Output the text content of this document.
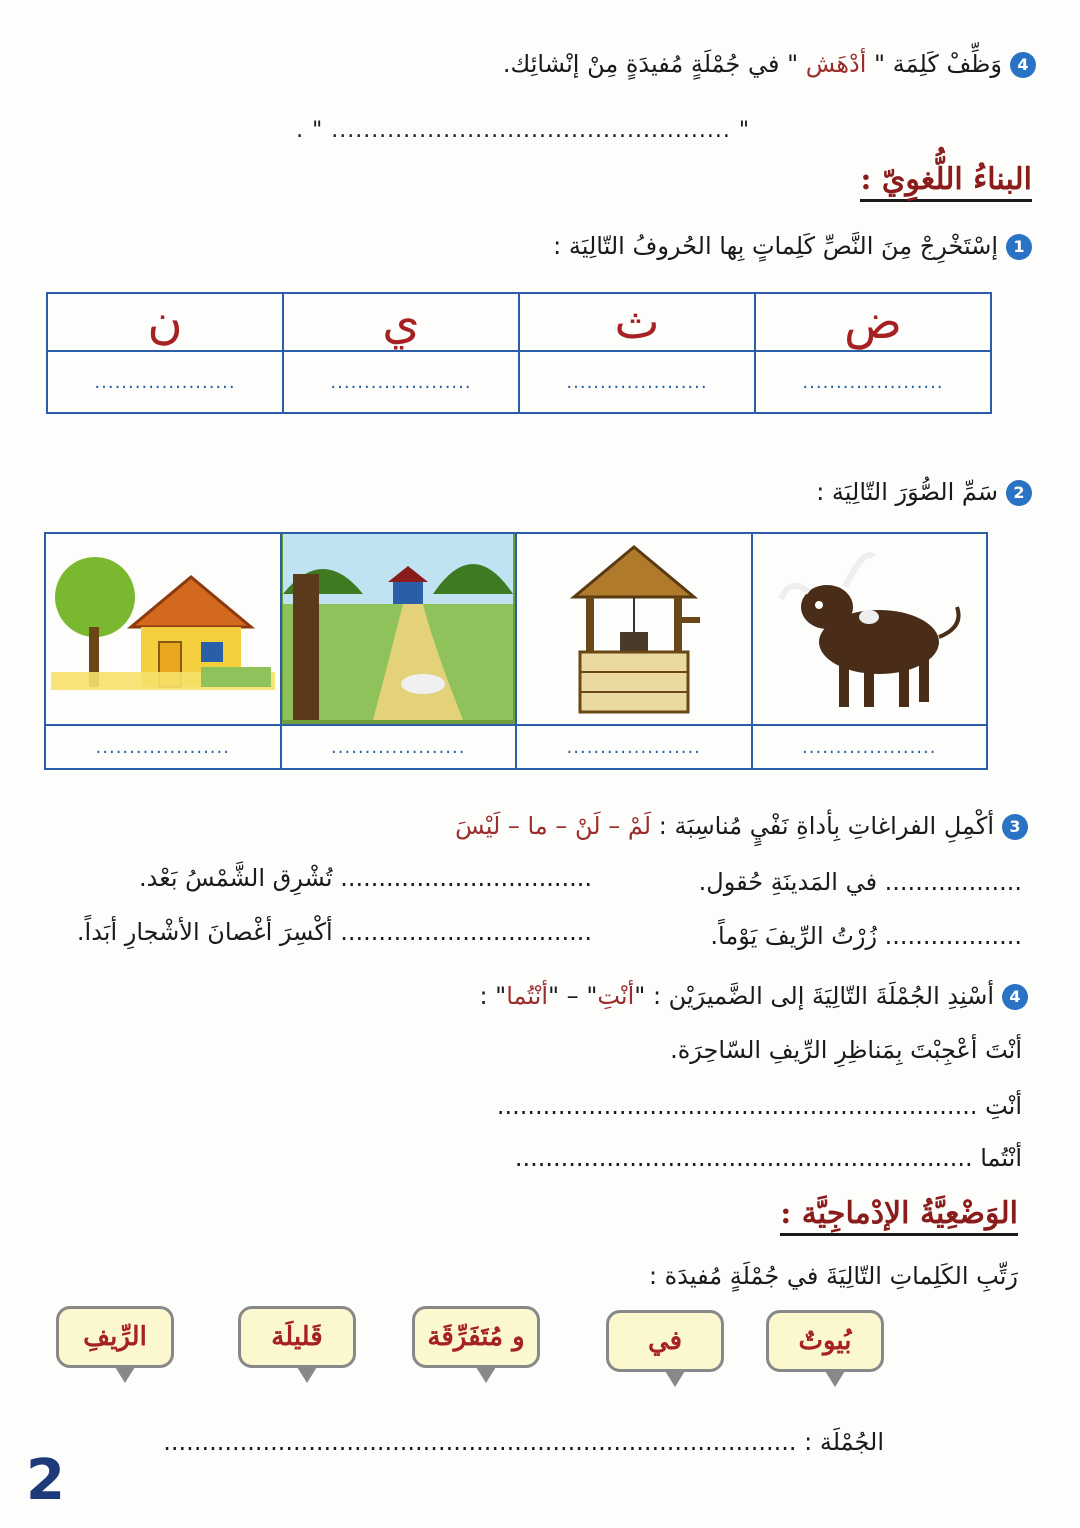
4وَظِّفْ كَلِمَة " أدْهَش " في جُمْلَةٍ مُفيدَةٍ مِنْ إنْشائِك.
" .................................................. " .
البناءُ اللُّغوِيّ :
1إسْتَخْرِجْ مِنَ النَّصِّ كَلِماتٍ بِها الحُروفُ التّالِيَة :
ض	ث	ي	ن
.....................	.....................	.....................	.....................
2سَمِّ الصُّوَرَ التّالِيَة :

....................	....................	....................	....................
3أكْمِلِ الفراغاتِ بِأداةِ نَفْيٍ مُناسِبَة : لَمْ – لَنْ – ما – لَيْسَ
.................. في المَدينَةِ حُقول.
................................. تُشْرِق الشَّمْسُ بَعْد.
.................. زُرْتُ الرِّيفَ يَوْماً.
................................. أكْسِرَ أغْصانَ الأشْجارِ أبَداً.
4أسْنِدِ الجُمْلَةَ التّالِيَةَ إلى الضَّميرَيْن : "أنْتِ" – "أنْتُما" :
أنْتَ أعْجِبْتَ بِمَناظِرِ الرِّيفِ السّاحِرَة.
أنْتِ ...............................................................
أنْتُما ............................................................
الوَضْعِيَّةُ الإدْماجِيَّة :
رَتِّبِ الكَلِماتِ التّالِيَةَ في جُمْلَةٍ مُفيدَة :
بُيوتٌ
في
و مُتَفَرِّقَة
قَليلَة
الرِّيفِ
الجُمْلَة : ...................................................................................
2
